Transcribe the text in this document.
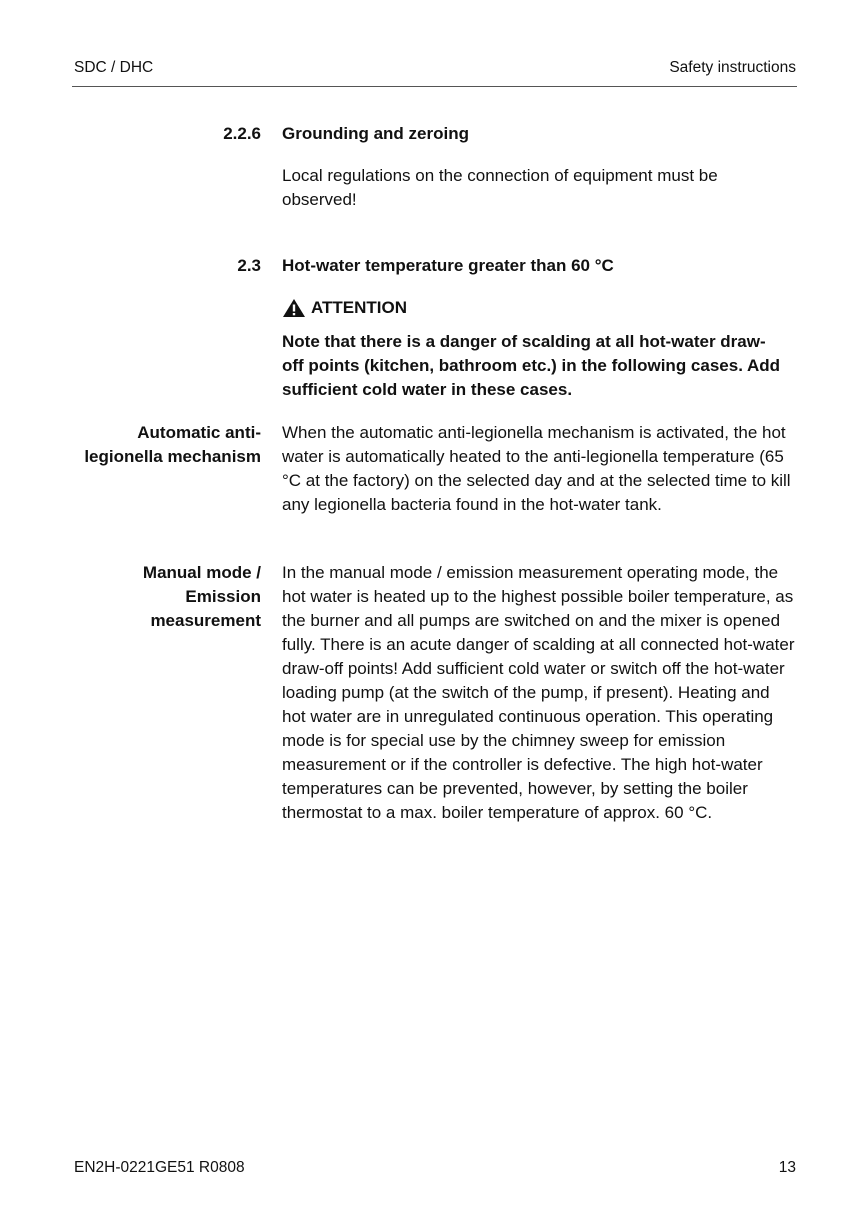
SDC / DHC	Safety instructions
2.2.6 Grounding and zeroing

Local regulations on the connection of equipment must be observed!

2.3 Hot-water temperature greater than 60 °C
ATTENTION

Note that there is a danger of scalding at all hot-water draw-off points (kitchen, bathroom etc.) in the following cases. Add sufficient cold water in these cases.

Automatic anti-legionella mechanism

When the automatic anti-legionella mechanism is activated, the hot water is automatically heated to the anti-legionella temperature (65 °C at the factory) on the selected day and at the selected time to kill any legionella bacteria found in the hot-water tank.

Manual mode / Emission measurement

In the manual mode / emission measurement operating mode, the hot water is heated up to the highest possible boiler temperature, as the burner and all pumps are switched on and the mixer is opened fully. There is an acute danger of scalding at all connected hot-water draw-off points! Add sufficient cold water or switch off the hot-water loading pump (at the switch of the pump, if present). Heating and hot water are in unregulated continuous operation. This operating mode is for special use by the chimney sweep for emission measurement or if the controller is defective. The high hot-water temperatures can be prevented, however, by setting the boiler thermostat to a max. boiler temperature of approx. 60 °C.

EN2H-0221GE51 R0808	13
